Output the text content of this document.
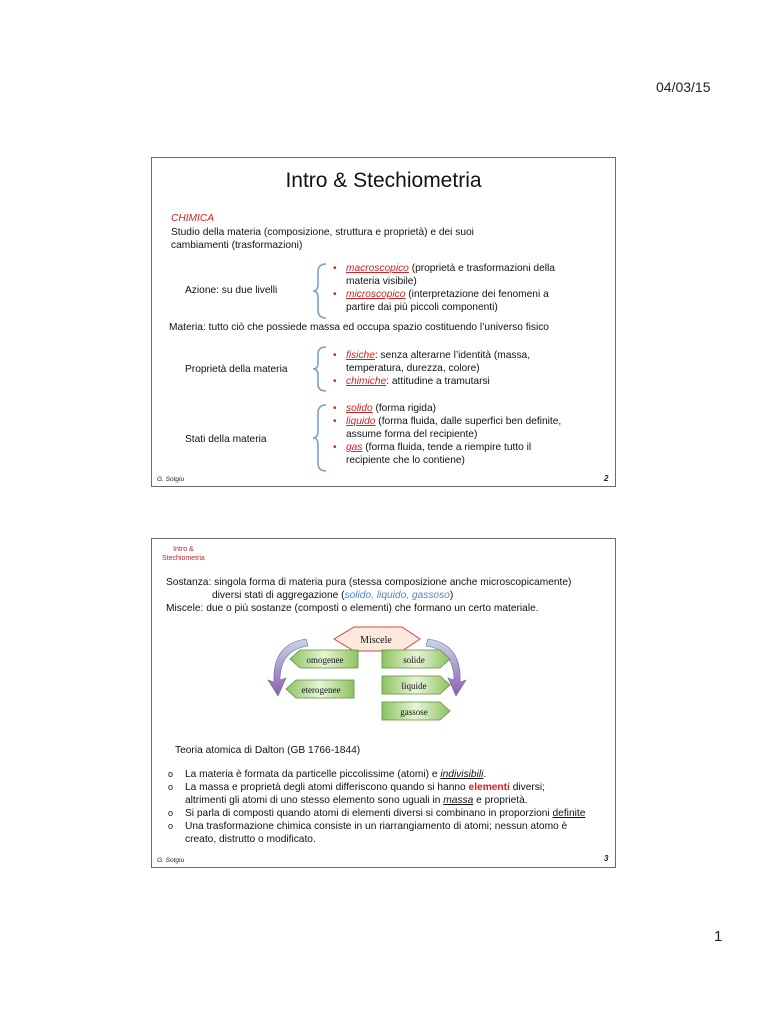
04/03/15
Intro & Stechiometria
CHIMICA
Studio della materia (composizione, struttura e proprietà) e dei suoi
cambiamenti (trasformazioni)
Azione: su due livelli
• macroscopico (proprietà e trasformazioni della
materia visibile)
• microscopico (interpretazione dei fenomeni a
partire dai più piccoli componenti)
Materia: tutto ciò che possiede massa ed occupa spazio costituendo l’universo fisico
Proprietà della materia
• fisiche: senza alterarne l’identità (massa,
temperatura, durezza, colore)
• chimiche: attitudine a tramutarsi
Stati della materia
• solido (forma rigida)
• liquido (forma fluida, dalle superfici ben definite,
assume forma del recipiente)
• gas (forma fluida, tende a riempire tutto il
recipiente che lo contiene)
G. Sotgiu	2
Intro &
Stechiometria
Sostanza: singola forma di materia pura (stessa composizione anche microscopicamente)
diversi stati di aggregazione (solido, liquido, gassoso)
Miscele: due o più sostanze (composti o elementi) che formano un certo materiale.
Miscele
omogenee
eterogenee
solide
liquide
gassose
Teoria atomica di Dalton (GB 1766-1844)
o La materia è formata da particelle piccolissime (atomi) e indivisibili.
o La massa e proprietà degli atomi differiscono quando si hanno elementi diversi;
altrimenti gli atomi di uno stesso elemento sono uguali in massa e proprietà.
o Si parla di composti quando atomi di elementi diversi si combinano in proporzioni definite
o Una trasformazione chimica consiste in un riarrangiamento di atomi; nessun atomo è
creato, distrutto o modificato.
G. Sotgiu	3
1
